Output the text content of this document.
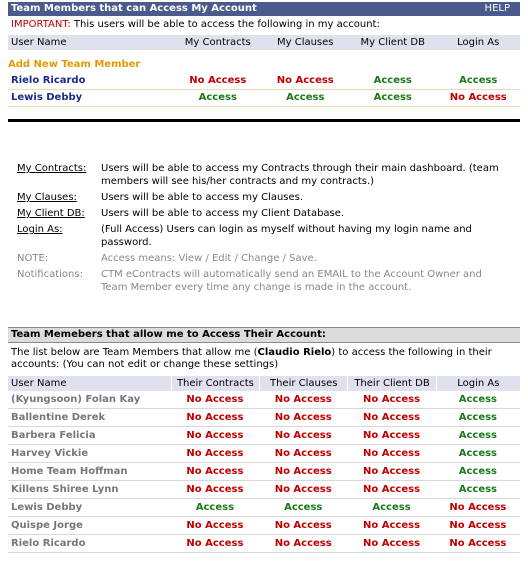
Team Members that can Access My Account	HELP
IMPORTANT: This users will be able to access the following in my account:
User Name	My Contracts	My Clauses	My Client DB	Login As
Add New Team Member
Rielo Ricardo	No Access	No Access	Access	Access
Lewis Debby	Access	Access	Access	No Access
My Contracts:	Users will be able to access my Contracts through their main dashboard. (team members will see his/her contracts and my contracts.)
My Clauses:	Users will be able to access my Clauses.
My Client DB:	Users will be able to access my Client Database.
Login As:	(Full Access) Users can login as myself without having my login name and password.
NOTE:	Access means: View / Edit / Change / Save.
Notifications:	CTM eContracts will automatically send an EMAIL to the Account Owner and Team Member every time any change is made in the account.
Team Memebers that allow me to Access Their Account:
The list below are Team Members that allow me (Claudio Rielo) to access the following in their accounts: (You can not edit or change these settings)
User Name	Their Contracts	Their Clauses	Their Client DB	Login As
(Kyungsoon) Folan Kay	No Access	No Access	No Access	Access
Ballentine Derek	No Access	No Access	No Access	Access
Barbera Felicia	No Access	No Access	No Access	Access
Harvey Vickie	No Access	No Access	No Access	Access
Home Team Hoffman	No Access	No Access	No Access	Access
Killens Shiree Lynn	No Access	No Access	No Access	Access
Lewis Debby	Access	Access	Access	No Access
Quispe Jorge	No Access	No Access	No Access	No Access
Rielo Ricardo	No Access	No Access	No Access	No Access
